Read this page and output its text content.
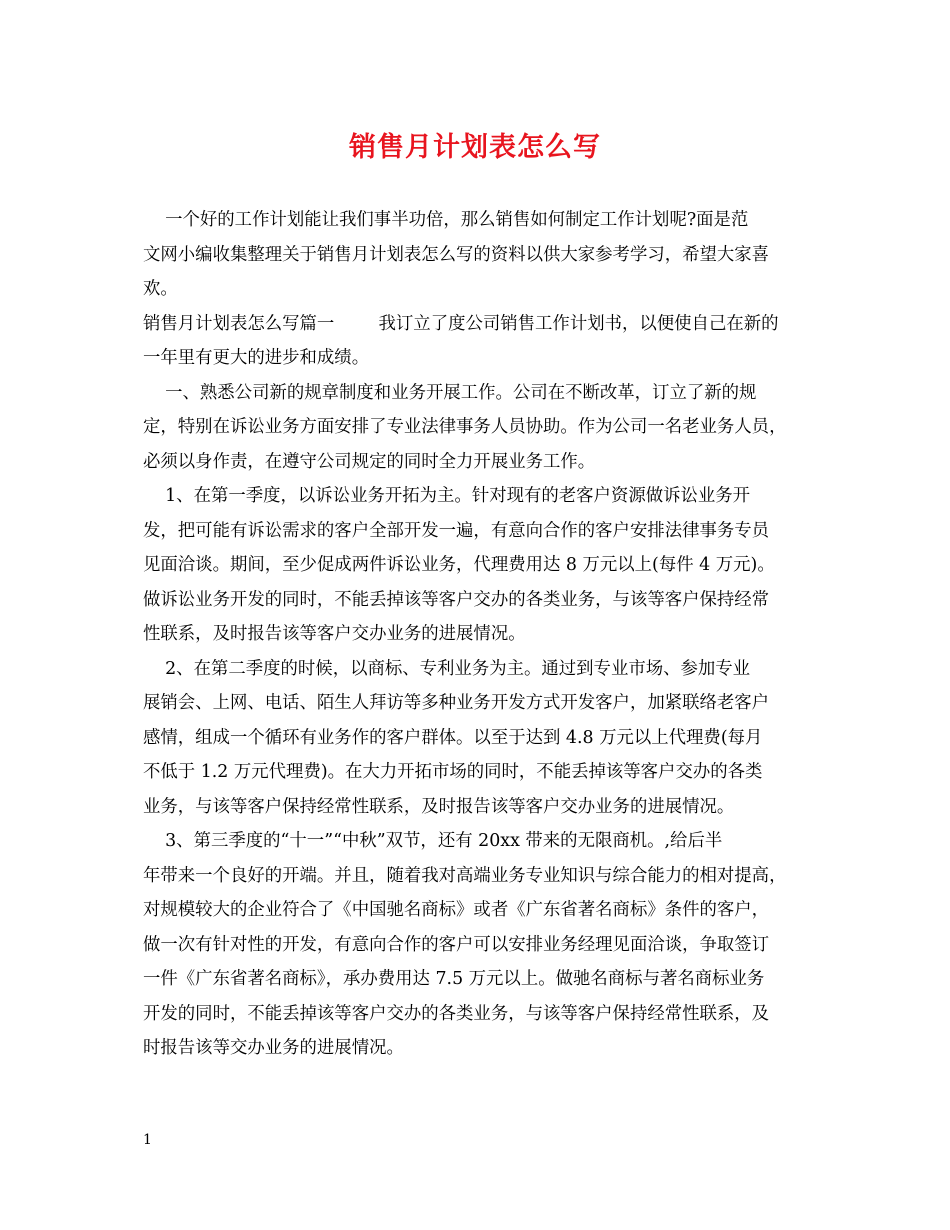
销售月计划表怎么写
一个好的工作计划能让我们事半功倍，那么销售如何制定工作计划呢?面是范
文网小编收集整理关于销售月计划表怎么写的资料以供大家参考学习，希望大家喜
欢。
销售月计划表怎么写篇一        我订立了度公司销售工作计划书，以便使自己在新的
一年里有更大的进步和成绩。
一、熟悉公司新的规章制度和业务开展工作。公司在不断改革，订立了新的规
定，特别在诉讼业务方面安排了专业法律事务人员协助。作为公司一名老业务人员，
必须以身作责，在遵守公司规定的同时全力开展业务工作。
1、在第一季度，以诉讼业务开拓为主。针对现有的老客户资源做诉讼业务开
发，把可能有诉讼需求的客户全部开发一遍，有意向合作的客户安排法律事务专员
见面洽谈。期间，至少促成两件诉讼业务，代理费用达 8 万元以上(每件 4 万元)。
做诉讼业务开发的同时，不能丢掉该等客户交办的各类业务，与该等客户保持经常
性联系，及时报告该等客户交办业务的进展情况。
2、在第二季度的时候，以商标、专利业务为主。通过到专业市场、参加专业
展销会、上网、电话、陌生人拜访等多种业务开发方式开发客户，加紧联络老客户
感情，组成一个循环有业务作的客户群体。以至于达到 4.8 万元以上代理费(每月
不低于 1.2 万元代理费)。在大力开拓市场的同时，不能丢掉该等客户交办的各类
业务，与该等客户保持经常性联系，及时报告该等客户交办业务的进展情况。
3、第三季度的“十一”“中秋”双节，还有 20xx 带来的无限商机。,给后半
年带来一个良好的开端。并且，随着我对高端业务专业知识与综合能力的相对提高，
对规模较大的企业符合了《中国驰名商标》或者《广东省著名商标》条件的客户，
做一次有针对性的开发，有意向合作的客户可以安排业务经理见面洽谈，争取签订
一件《广东省著名商标》，承办费用达 7.5 万元以上。做驰名商标与著名商标业务
开发的同时，不能丢掉该等客户交办的各类业务，与该等客户保持经常性联系，及
时报告该等交办业务的进展情况。
1
